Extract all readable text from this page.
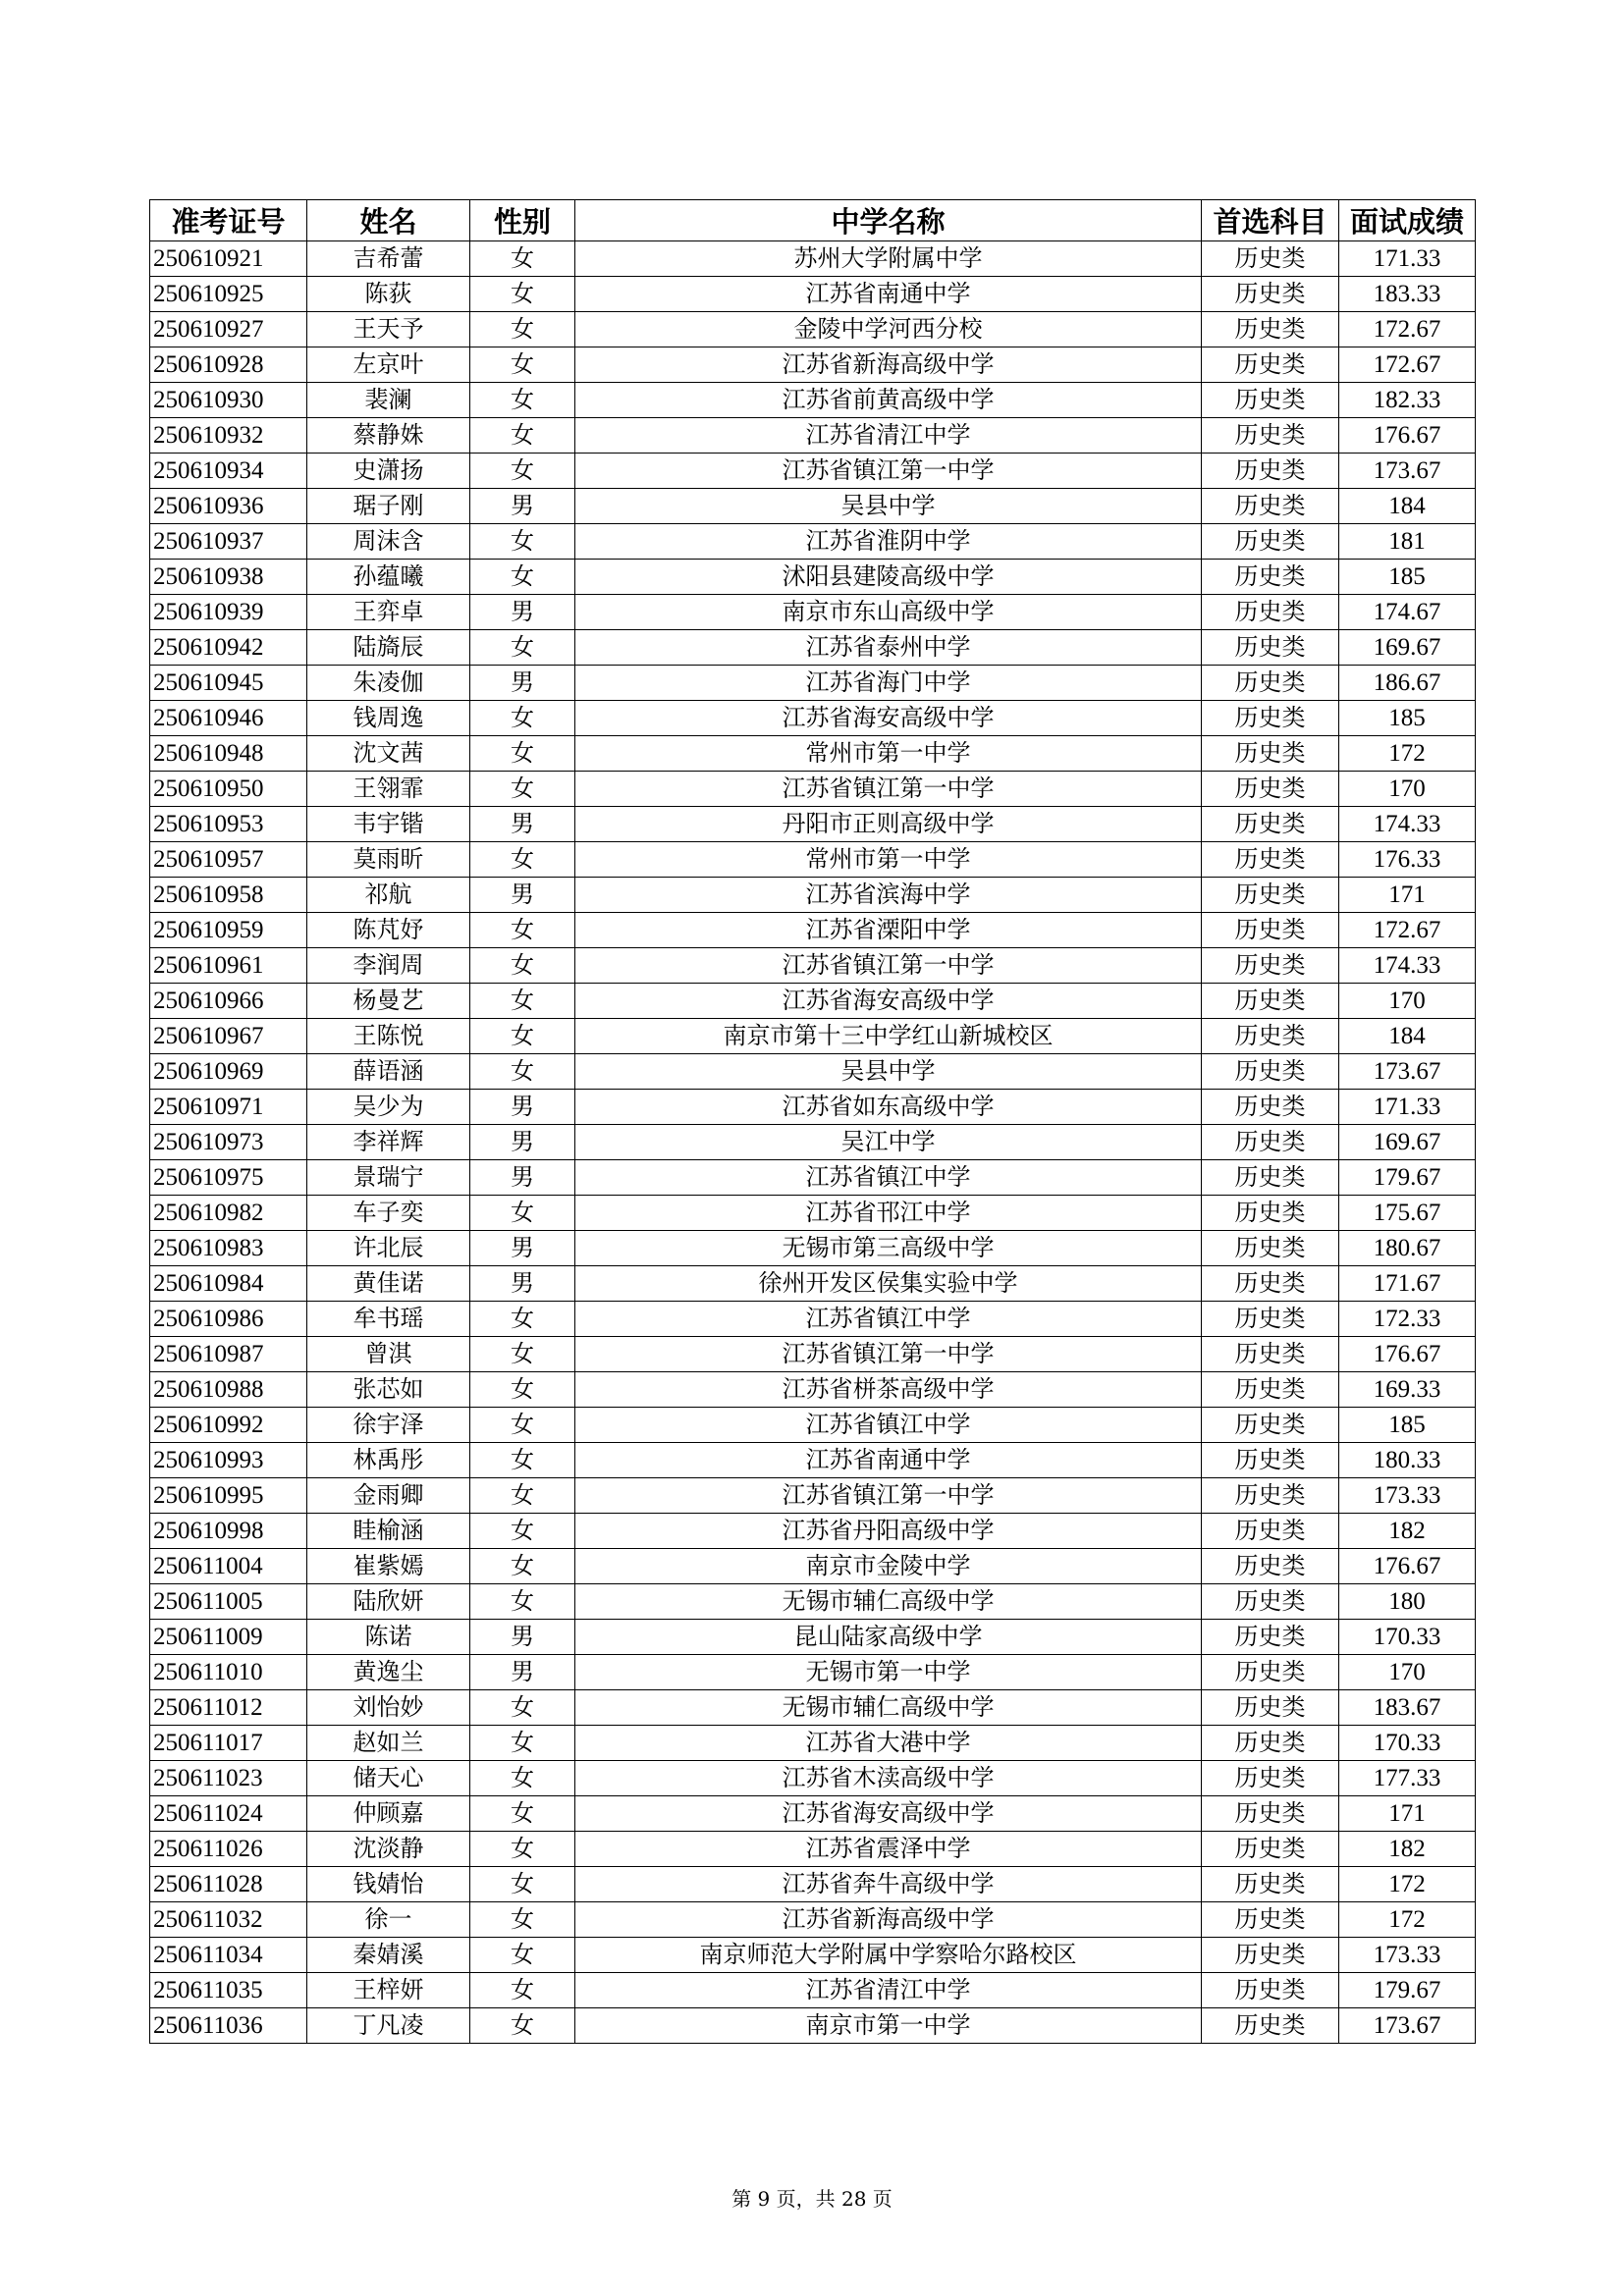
准考证号	姓名	性别	中学名称	首选科目	面试成绩
250610921	吉希蕾	女	苏州大学附属中学	历史类	171.33
250610925	陈荻	女	江苏省南通中学	历史类	183.33
250610927	王天予	女	金陵中学河西分校	历史类	172.67
250610928	左京叶	女	江苏省新海高级中学	历史类	172.67
250610930	裴澜	女	江苏省前黄高级中学	历史类	182.33
250610932	蔡静姝	女	江苏省清江中学	历史类	176.67
250610934	史潇扬	女	江苏省镇江第一中学	历史类	173.67
250610936	琚子刚	男	吴县中学	历史类	184
250610937	周沫含	女	江苏省淮阴中学	历史类	181
250610938	孙蕴曦	女	沭阳县建陵高级中学	历史类	185
250610939	王弈卓	男	南京市东山高级中学	历史类	174.67
250610942	陆旖辰	女	江苏省泰州中学	历史类	169.67
250610945	朱凌伽	男	江苏省海门中学	历史类	186.67
250610946	钱周逸	女	江苏省海安高级中学	历史类	185
250610948	沈文茜	女	常州市第一中学	历史类	172
250610950	王翎霏	女	江苏省镇江第一中学	历史类	170
250610953	韦宇锴	男	丹阳市正则高级中学	历史类	174.33
250610957	莫雨昕	女	常州市第一中学	历史类	176.33
250610958	祁航	男	江苏省滨海中学	历史类	171
250610959	陈芃妤	女	江苏省溧阳中学	历史类	172.67
250610961	李润周	女	江苏省镇江第一中学	历史类	174.33
250610966	杨曼艺	女	江苏省海安高级中学	历史类	170
250610967	王陈悦	女	南京市第十三中学红山新城校区	历史类	184
250610969	薛语涵	女	吴县中学	历史类	173.67
250610971	吴少为	男	江苏省如东高级中学	历史类	171.33
250610973	李祥辉	男	吴江中学	历史类	169.67
250610975	景瑞宁	男	江苏省镇江中学	历史类	179.67
250610982	车子奕	女	江苏省邗江中学	历史类	175.67
250610983	许北辰	男	无锡市第三高级中学	历史类	180.67
250610984	黄佳诺	男	徐州开发区侯集实验中学	历史类	171.67
250610986	牟书瑶	女	江苏省镇江中学	历史类	172.33
250610987	曾淇	女	江苏省镇江第一中学	历史类	176.67
250610988	张芯如	女	江苏省栟茶高级中学	历史类	169.33
250610992	徐宇泽	女	江苏省镇江中学	历史类	185
250610993	林禹彤	女	江苏省南通中学	历史类	180.33
250610995	金雨卿	女	江苏省镇江第一中学	历史类	173.33
250610998	眭榆涵	女	江苏省丹阳高级中学	历史类	182
250611004	崔紫嫣	女	南京市金陵中学	历史类	176.67
250611005	陆欣妍	女	无锡市辅仁高级中学	历史类	180
250611009	陈诺	男	昆山陆家高级中学	历史类	170.33
250611010	黄逸尘	男	无锡市第一中学	历史类	170
250611012	刘怡妙	女	无锡市辅仁高级中学	历史类	183.67
250611017	赵如兰	女	江苏省大港中学	历史类	170.33
250611023	储天心	女	江苏省木渎高级中学	历史类	177.33
250611024	仲顾嘉	女	江苏省海安高级中学	历史类	171
250611026	沈淡静	女	江苏省震泽中学	历史类	182
250611028	钱婧怡	女	江苏省奔牛高级中学	历史类	172
250611032	徐一	女	江苏省新海高级中学	历史类	172
250611034	秦婧溪	女	南京师范大学附属中学察哈尔路校区	历史类	173.33
250611035	王梓妍	女	江苏省清江中学	历史类	179.67
250611036	丁凡凌	女	南京市第一中学	历史类	173.67
第 9 页，共 28 页
